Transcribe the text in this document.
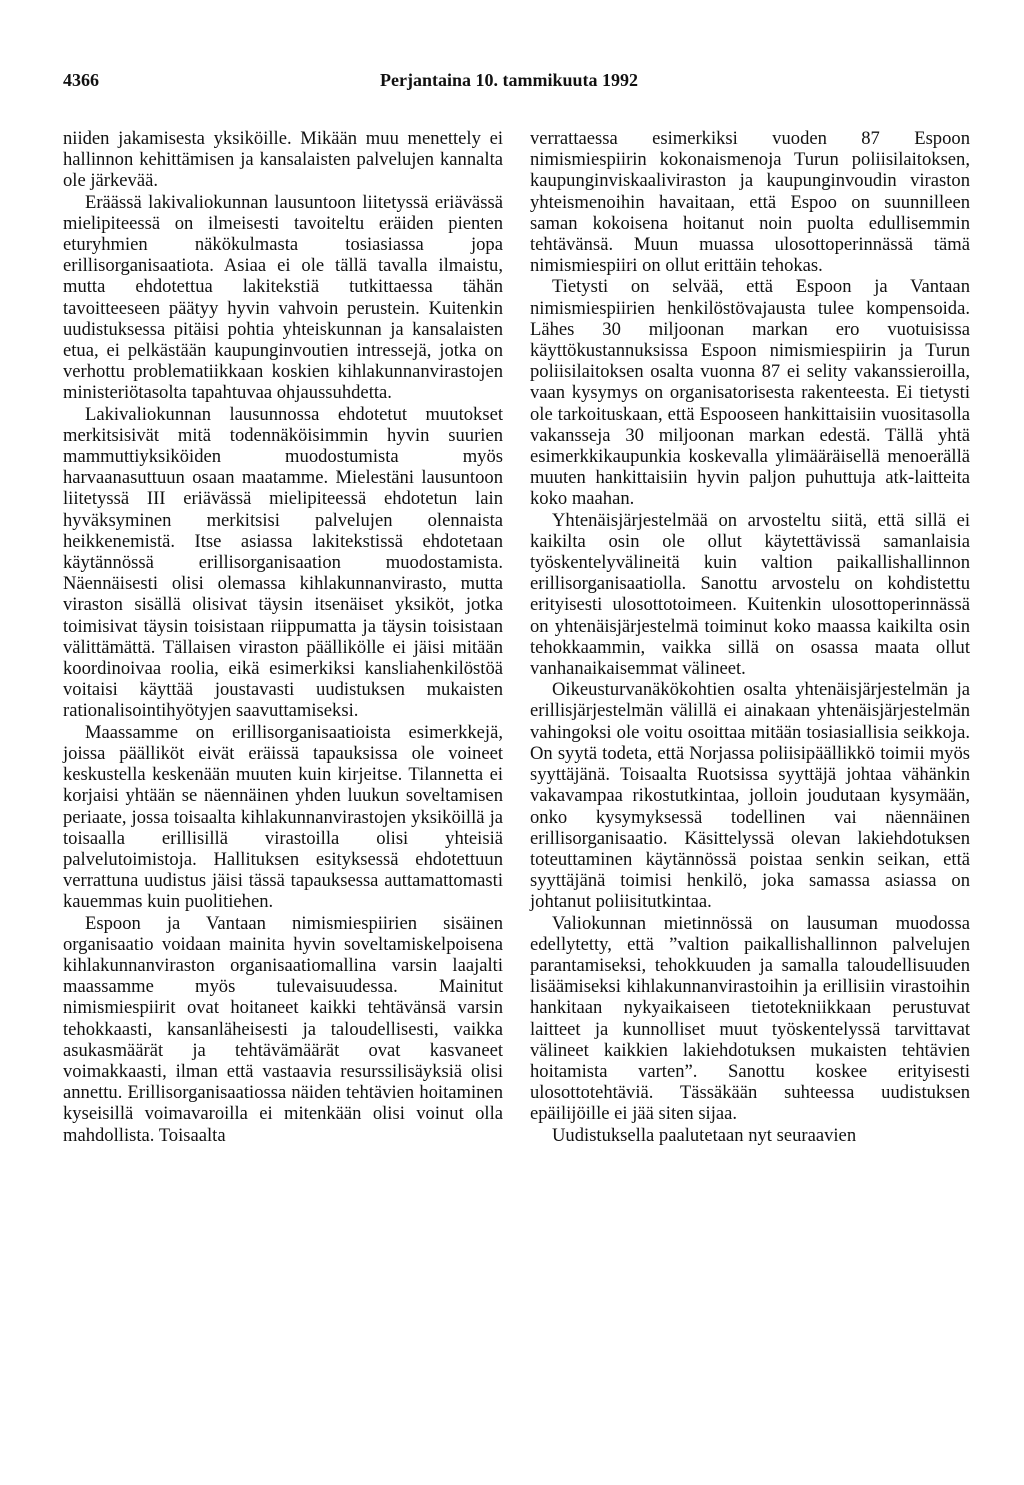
4366	Perjantaina 10. tammikuuta 1992

niiden jakamisesta yksiköille. Mikään muu menettely ei hallinnon kehittämisen ja kansalaisten palvelujen kannalta ole järkevää.

Eräässä lakivaliokunnan lausuntoon liitetyssä eriävässä mielipiteessä on ilmeisesti tavoiteltu eräiden pienten eturyhmien näkökulmasta tosiasiassa jopa erillisorganisaatiota. Asiaa ei ole tällä tavalla ilmaistu, mutta ehdotettua lakitekstiä tutkittaessa tähän tavoitteeseen päätyy hyvin vahvoin perustein. Kuitenkin uudistuksessa pitäisi pohtia yhteiskunnan ja kansalaisten etua, ei pelkästään kaupunginvoutien intressejä, jotka on verhottu problematiikkaan koskien kihlakunnanvirastojen ministeriötasolta tapahtuvaa ohjaussuhdetta.

Lakivaliokunnan lausunnossa ehdotetut muutokset merkitsisivät mitä todennäköisimmin hyvin suurien mammuttiyksiköiden muodostumista myös harvaanasuttuun osaan maatamme. Mielestäni lausuntoon liitetyssä III eriävässä mielipiteessä ehdotetun lain hyväksyminen merkitsisi palvelujen olennaista heikkenemistä. Itse asiassa lakitekstissä ehdotetaan käytännössä erillisorganisaation muodostamista. Näennäisesti olisi olemassa kihlakunnanvirasto, mutta viraston sisällä olisivat täysin itsenäiset yksiköt, jotka toimisivat täysin toisistaan riippumatta ja täysin toisistaan välittämättä. Tällaisen viraston päällikölle ei jäisi mitään koordinoivaa roolia, eikä esimerkiksi kansliahenkilöstöä voitaisi käyttää joustavasti uudistuksen mukaisten rationalisointihyötyjen saavuttamiseksi.

Maassamme on erillisorganisaatioista esimerkkejä, joissa päälliköt eivät eräissä tapauksissa ole voineet keskustella keskenään muuten kuin kirjeitse. Tilannetta ei korjaisi yhtään se näennäinen yhden luukun soveltamisen periaate, jossa toisaalta kihlakunnanvirastojen yksiköillä ja toisaalla erillisillä virastoilla olisi yhteisiä palvelutoimistoja. Hallituksen esityksessä ehdotettuun verrattuna uudistus jäisi tässä tapauksessa auttamattomasti kauemmas kuin puolitiehen.

Espoon ja Vantaan nimismiespiirien sisäinen organisaatio voidaan mainita hyvin soveltamiskelpoisena kihlakunnanviraston organisaatiomallina varsin laajalti maassamme myös tulevaisuudessa. Mainitut nimismiespiirit ovat hoitaneet kaikki tehtävänsä varsin tehokkaasti, kansanläheisesti ja taloudellisesti, vaikka asukasmäärät ja tehtävämäärät ovat kasvaneet voimakkaasti, ilman että vastaavia resurssilisäyksiä olisi annettu. Erillisorganisaatiossa näiden tehtävien hoitaminen kyseisillä voimavaroilla ei mitenkään olisi voinut olla mahdollista. Toisaalta

verrattaessa esimerkiksi vuoden 87 Espoon nimismiespiirin kokonaismenoja Turun poliisilaitoksen, kaupunginviskaaliviraston ja kaupunginvoudin viraston yhteismenoihin havaitaan, että Espoo on suunnilleen saman kokoisena hoitanut noin puolta edullisemmin tehtävänsä. Muun muassa ulosottoperinnässä tämä nimismiespiiri on ollut erittäin tehokas.

Tietysti on selvää, että Espoon ja Vantaan nimismiespiirien henkilöstövajausta tulee kompensoida. Lähes 30 miljoonan markan ero vuotuisissa käyttökustannuksissa Espoon nimismiespiirin ja Turun poliisilaitoksen osalta vuonna 87 ei selity vakanssieroilla, vaan kysymys on organisatorisesta rakenteesta. Ei tietysti ole tarkoituskaan, että Espooseen hankittaisiin vuositasolla vakansseja 30 miljoonan markan edestä. Tällä yhtä esimerkkikaupunkia koskevalla ylimääräisellä menoerällä muuten hankittaisiin hyvin paljon puhuttuja atk-laitteita koko maahan.

Yhtenäisjärjestelmää on arvosteltu siitä, että sillä ei kaikilta osin ole ollut käytettävissä samanlaisia työskentelyvälineitä kuin valtion paikallishallinnon erillisorganisaatiolla. Sanottu arvostelu on kohdistettu erityisesti ulosottotoimeen. Kuitenkin ulosottoperinnässä on yhtenäisjärjestelmä toiminut koko maassa kaikilta osin tehokkaammin, vaikka sillä on osassa maata ollut vanhanaikaisemmat välineet.

Oikeusturvanäkökohtien osalta yhtenäisjärjestelmän ja erillisjärjestelmän välillä ei ainakaan yhtenäisjärjestelmän vahingoksi ole voitu osoittaa mitään tosiasiallisia seikkoja. On syytä todeta, että Norjassa poliisipäällikkö toimii myös syyttäjänä. Toisaalta Ruotsissa syyttäjä johtaa vähänkin vakavampaa rikostutkintaa, jolloin joudutaan kysymään, onko kysymyksessä todellinen vai näennäinen erillisorganisaatio. Käsittelyssä olevan lakiehdotuksen toteuttaminen käytännössä poistaa senkin seikan, että syyttäjänä toimisi henkilö, joka samassa asiassa on johtanut poliisitutkintaa.

Valiokunnan mietinnössä on lausuman muodossa edellytetty, että ”valtion paikallishallinnon palvelujen parantamiseksi, tehokkuuden ja samalla taloudellisuuden lisäämiseksi kihlakunnanvirastoihin ja erillisiin virastoihin hankitaan nykyaikaiseen tietotekniikkaan perustuvat laitteet ja kunnolliset muut työskentelyssä tarvittavat välineet kaikkien lakiehdotuksen mukaisten tehtävien hoitamista varten”. Sanottu koskee erityisesti ulosottotehtäviä. Tässäkään suhteessa uudistuksen epäilijöille ei jää siten sijaa.

Uudistuksella paalutetaan nyt seuraavien
